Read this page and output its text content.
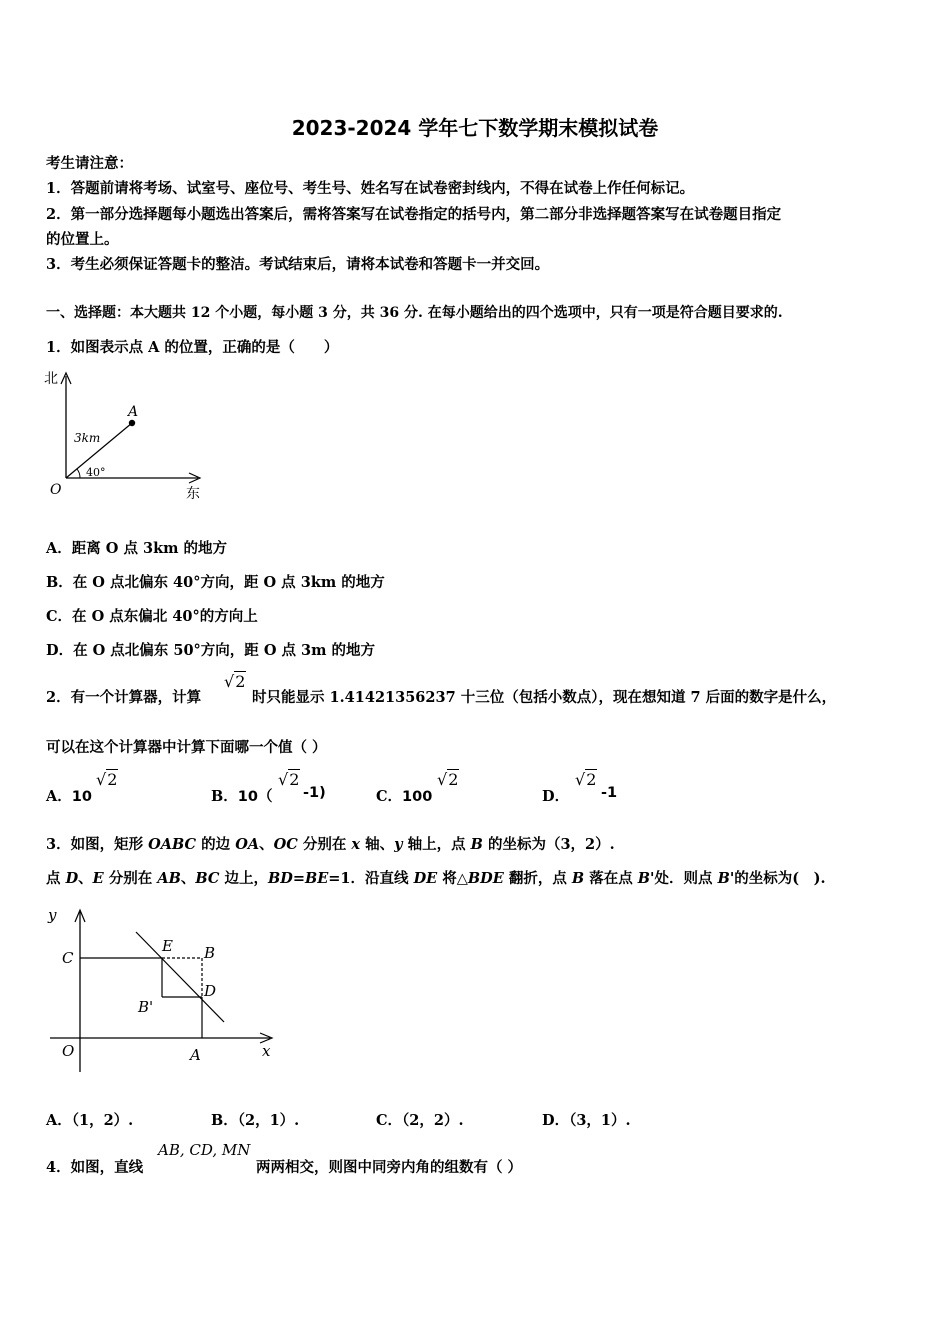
2023-2024 学年七下数学期末模拟试卷
考生请注意：
1．答题前请将考场、试室号、座位号、考生号、姓名写在试卷密封线内，不得在试卷上作任何标记。
2．第一部分选择题每小题选出答案后，需将答案写在试卷指定的括号内，第二部分非选择题答案写在试卷题目指定
的位置上。
3．考生必须保证答题卡的整洁。考试结束后，请将本试卷和答题卡一并交回。
一、选择题：本大题共 12 个小题，每小题 3 分，共 36 分. 在每小题给出的四个选项中，只有一项是符合题目要求的.
1．如图表示点 A 的位置，正确的是（　　）
北
东
O
A
3km
40°
A．距离 O 点 3km 的地方
B．在 O 点北偏东 40°方向，距 O 点 3km 的地方
C．在 O 点东偏北 40°的方向上
D．在 O 点北偏东 50°方向，距 O 点 3m 的地方
2．有一个计算器，计算
√2
时只能显示 1.41421356237 十三位（包括小数点），现在想知道 7 后面的数字是什么，
可以在这个计算器中计算下面哪一个值（ ）
A．10
√2
B．10（
√2
-1)	C．100
√2
D．
√2
-1
3．如图，矩形 OABC 的边 OA、OC 分别在 x 轴、y 轴上，点 B 的坐标为（3，2）.
点 D、E 分别在 AB、BC 边上，BD=BE=1．沿直线 DE 将△BDE 翻折，点 B 落在点 B'处．则点 B'的坐标为(　).
y
x
O
C
A
B
E
D
B'
A．（1，2）.	B．（2，1）.	C．（2，2）.	D．（3，1）.
4．如图，直线
AB, CD, MN
两两相交，则图中同旁内角的组数有（ ）
